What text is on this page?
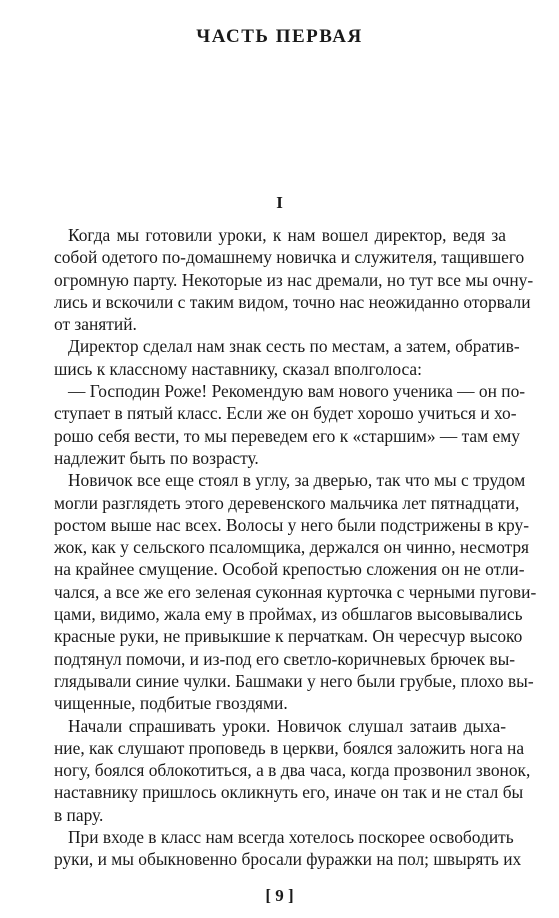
ЧАСТЬ ПЕРВАЯ
I

Когда мы готовили уроки, к нам вошел директор, ведя за
собой одетого по-домашнему новичка и служителя, тащившего
огромную парту. Некоторые из нас дремали, но тут все мы очну-
лись и вскочили с таким видом, точно нас неожиданно оторвали
от занятий.

Директор сделал нам знак сесть по местам, а затем, обратив-
шись к классному наставнику, сказал вполголоса:

— Господин Роже! Рекомендую вам нового ученика — он по-
ступает в пятый класс. Если же он будет хорошо учиться и хо-
рошо себя вести, то мы переведем его к «старшим» — там ему
надлежит быть по возрасту.

Новичок все еще стоял в углу, за дверью, так что мы с трудом
могли разглядеть этого деревенского мальчика лет пятнадцати,
ростом выше нас всех. Волосы у него были подстрижены в кру-
жок, как у сельского псаломщика, держался он чинно, несмотря
на крайнее смущение. Особой крепостью сложения он не отли-
чался, а все же его зеленая суконная курточка с черными пугови-
цами, видимо, жала ему в проймах, из обшлагов высовывались
красные руки, не привыкшие к перчаткам. Он чересчур высоко
подтянул помочи, и из-под его светло-коричневых брючек вы-
глядывали синие чулки. Башмаки у него были грубые, плохо вы-
чищенные, подбитые гвоздями.

Начали спрашивать уроки. Новичок слушал затаив дыха-
ние, как слушают проповедь в церкви, боялся заложить нога на
ногу, боялся облокотиться, а в два часа, когда прозвонил звонок,
наставнику пришлось окликнуть его, иначе он так и не стал бы
в пару.

При входе в класс нам всегда хотелось поскорее освободить
руки, и мы обыкновенно бросали фуражки на пол; швырять их

[ 9 ]
